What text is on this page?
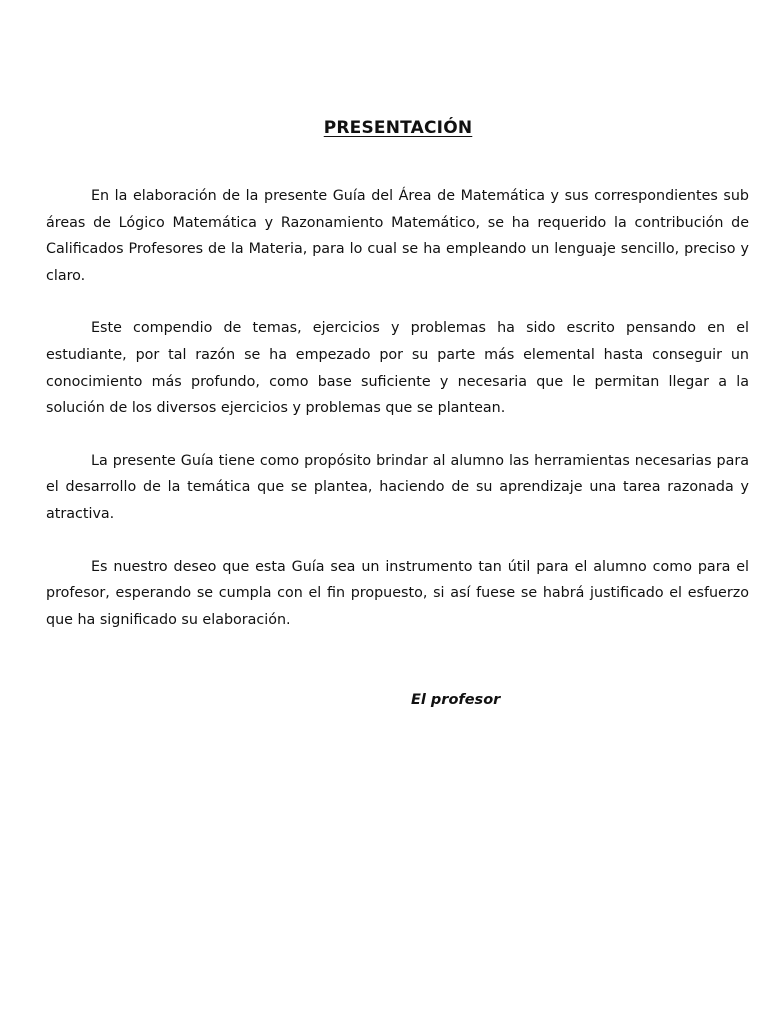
PRESENTACIÓN

En la elaboración de la presente Guía del Área de Matemática y sus correspondientes sub áreas de Lógico Matemática y Razonamiento Matemático, se ha requerido la contribución de Calificados Profesores de la Materia, para lo cual se ha empleando un lenguaje sencillo, preciso y claro.

Este compendio de temas, ejercicios y problemas ha sido escrito pensando en el estudiante, por tal razón se ha empezado por su parte más elemental hasta conseguir un conocimiento más profundo, como base suficiente y necesaria que le permitan llegar a la solución de los diversos ejercicios y problemas que se plantean.

La presente Guía tiene como propósito brindar al alumno las herramientas necesarias para el desarrollo de la temática que se plantea, haciendo de su aprendizaje una tarea razonada y atractiva.

Es nuestro deseo que esta Guía sea un instrumento tan útil para el alumno como para el profesor, esperando se cumpla con el fin propuesto, si así fuese se habrá justificado el esfuerzo que ha significado su elaboración.

El profesor
